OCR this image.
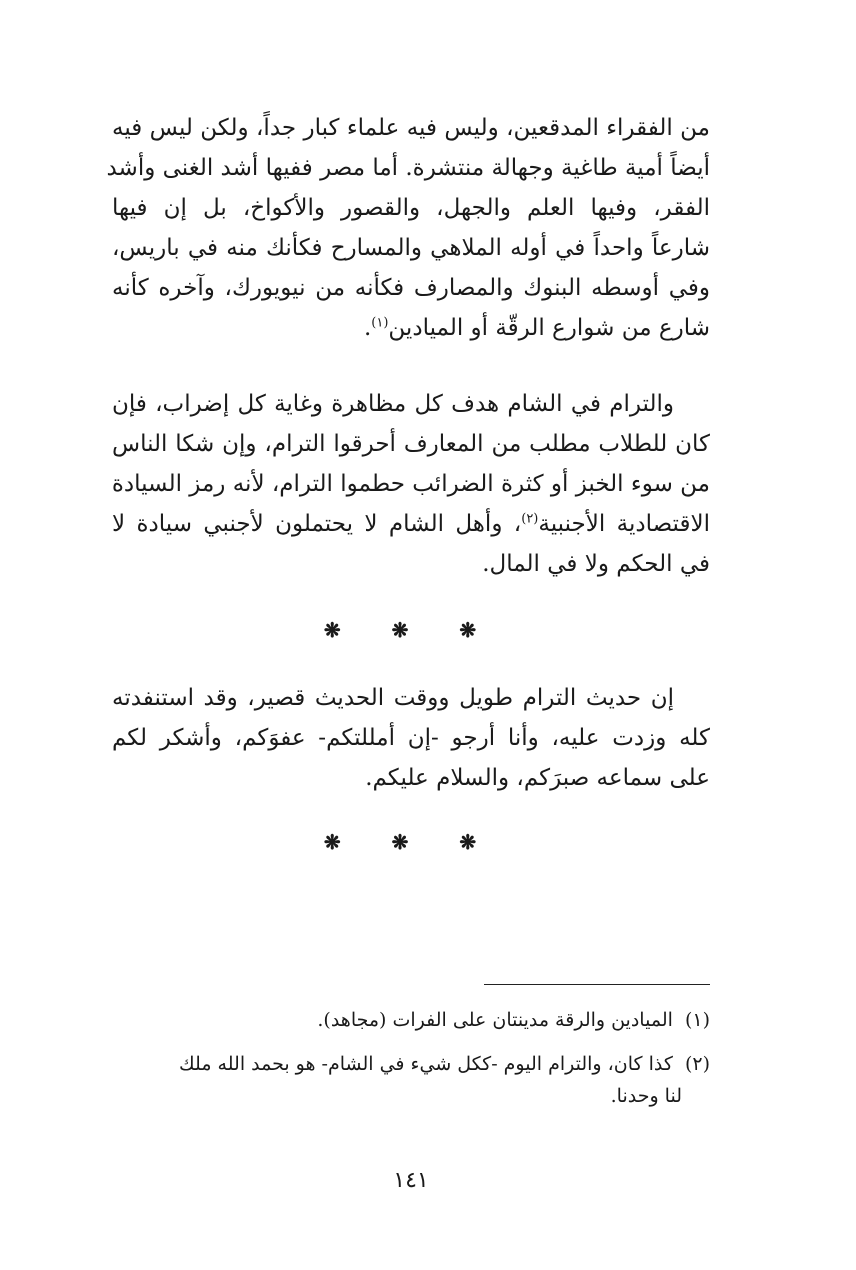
من الفقراء المدقعين، وليس فيه علماء كبار جداً، ولكن ليس فيه
أيضاً أمية طاغية وجهالة منتشرة. أما مصر ففيها أشد الغنى وأشد
الفقر، وفيها العلم والجهل، والقصور والأكواخ، بل إن فيها
شارعاً واحداً في أوله الملاهي والمسارح فكأنك منه في باريس،
وفي أوسطه البنوك والمصارف فكأنه من نيويورك، وآخره كأنه
شارع من شوارع الرقّة أو الميادين$^{(١)}$.
والترام في الشام هدف كل مظاهرة وغاية كل إضراب، فإن
كان للطلاب مطلب من المعارف أحرقوا الترام، وإن شكا الناس
من سوء الخبز أو كثرة الضرائب حطموا الترام، لأنه رمز السيادة
الاقتصادية الأجنبية$^{(٢)}$، وأهل الشام لا يحتملون لأجنبي سيادة لا
في الحكم ولا في المال.
❋ ❋ ❋
إن حديث الترام طويل ووقت الحديث قصير، وقد استنفدته
كله وزدت عليه، وأنا أرجو -إن أمللتكم- عفوَكم، وأشكر لكم
على سماعه صبرَكم، والسلام عليكم.
❋ ❋ ❋
(١) الميادين والرقة مدينتان على الفرات (مجاهد).
(٢) كذا كان، والترام اليوم -ككل شيء في الشام- هو بحمد الله ملك
لنا وحدنا.
١٤١
